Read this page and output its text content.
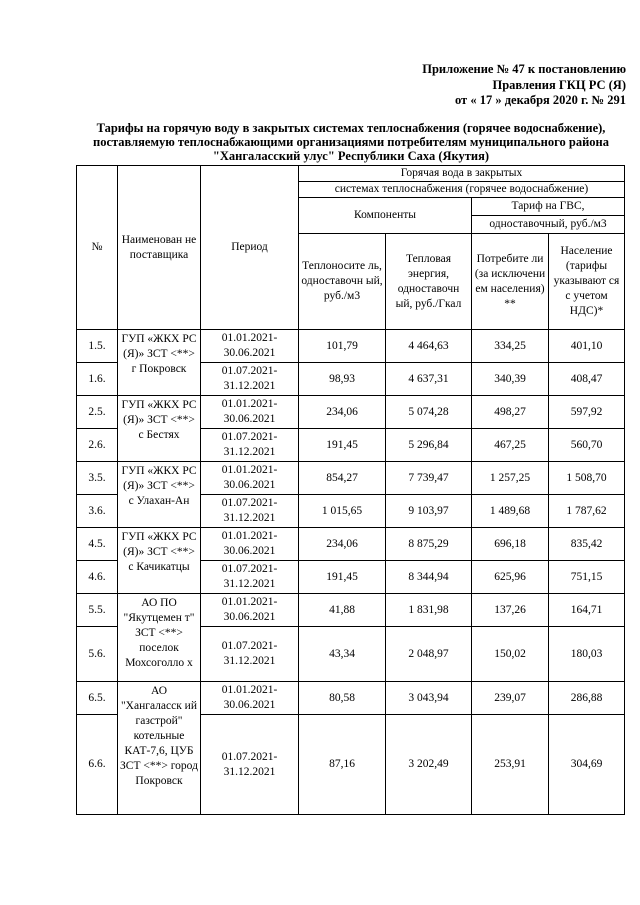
Приложение № 47 к постановлению
Правления ГКЦ РС (Я)
от « 17 » декабря 2020 г. № 291
Тарифы на горячую воду в закрытых системах теплоснабжения (горячее водоснабжение),
поставляемую теплоснабжающими организациями потребителям муниципального района
"Хангаласский улус" Республики Саха (Якутия)
№	Наименован не поставщика	Период	Горячая вода в закрытых			
			системах теплоснабжения (горячее водоснабжение)			
			Компоненты		Тариф на ГВС,	
					одноставочный, руб./м3	
			Теплоносите ль, одноставочн ый, руб./м3	Тепловая энергия, одноставочн ый, руб./Гкал	Потребите ли (за исключени ем населения) **	Население (тарифы указывают ся с учетом НДС)*
1.5.	ГУП «ЖКХ РС (Я)» ЗСТ <**> г Покровск	01.01.2021- 30.06.2021	101,79	4 464,63	334,25	401,10
1.6.		01.07.2021- 31.12.2021	98,93	4 637,31	340,39	408,47
2.5.	ГУП «ЖКХ РС (Я)» ЗСТ <**> с Бестях	01.01.2021- 30.06.2021	234,06	5 074,28	498,27	597,92
2.6.		01.07.2021- 31.12.2021	191,45	5 296,84	467,25	560,70
3.5.	ГУП «ЖКХ РС (Я)» ЗСТ <**> с Улахан-Ан	01.01.2021- 30.06.2021	854,27	7 739,47	1 257,25	1 508,70
3.6.		01.07.2021- 31.12.2021	1 015,65	9 103,97	1 489,68	1 787,62
4.5.	ГУП «ЖКХ РС (Я)» ЗСТ <**> с Качикатцы	01.01.2021- 30.06.2021	234,06	8 875,29	696,18	835,42
4.6.		01.07.2021- 31.12.2021	191,45	8 344,94	625,96	751,15
5.5.	АО ПО "Якутцемен т" ЗСТ <**> поселок Мохсоголло х	01.01.2021- 30.06.2021	41,88	1 831,98	137,26	164,71
5.6.		01.07.2021- 31.12.2021	43,34	2 048,97	150,02	180,03
6.5.	АО "Хангаласск ий газстрой" котельные КАТ-7,6, ЦУБ ЗСТ <**> город Покровск	01.01.2021- 30.06.2021	80,58	3 043,94	239,07	286,88
6.6.		01.07.2021- 31.12.2021	87,16	3 202,49	253,91	304,69
